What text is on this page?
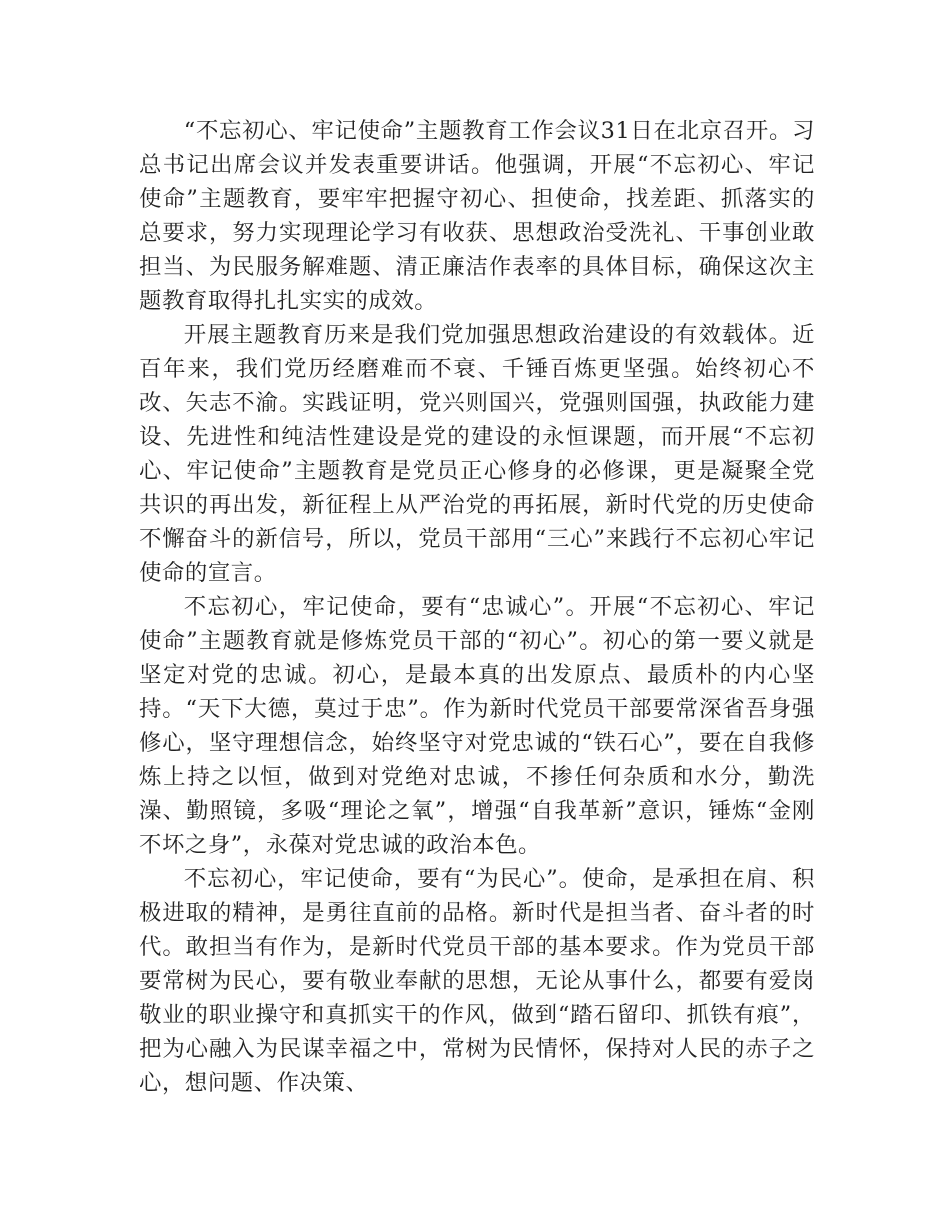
“不忘初心、牢记使命”主题教育工作会议31日在北京召开。习总书记出席会议并发表重要讲话。他强调，开展“不忘初心、牢记使命”主题教育，要牢牢把握守初心、担使命，找差距、抓落实的总要求，努力实现理论学习有收获、思想政治受洗礼、干事创业敢担当、为民服务解难题、清正廉洁作表率的具体目标，确保这次主题教育取得扎扎实实的成效。

开展主题教育历来是我们党加强思想政治建设的有效载体。近百年来，我们党历经磨难而不衰、千锤百炼更坚强。始终初心不改、矢志不渝。实践证明，党兴则国兴，党强则国强，执政能力建设、先进性和纯洁性建设是党的建设的永恒课题，而开展“不忘初心、牢记使命”主题教育是党员正心修身的必修课，更是凝聚全党共识的再出发，新征程上从严治党的再拓展，新时代党的历史使命不懈奋斗的新信号，所以，党员干部用“三心”来践行不忘初心牢记使命的宣言。

不忘初心，牢记使命，要有“忠诚心”。开展“不忘初心、牢记使命”主题教育就是修炼党员干部的“初心”。初心的第一要义就是坚定对党的忠诚。初心，是最本真的出发原点、最质朴的内心坚持。“天下大德，莫过于忠”。作为新时代党员干部要常深省吾身强修心，坚守理想信念，始终坚守对党忠诚的“铁石心”，要在自我修炼上持之以恒，做到对党绝对忠诚，不掺任何杂质和水分，勤洗澡、勤照镜，多吸“理论之氧”，增强“自我革新”意识，锤炼“金刚不坏之身”，永葆对党忠诚的政治本色。

不忘初心，牢记使命，要有“为民心”。使命，是承担在肩、积极进取的精神，是勇往直前的品格。新时代是担当者、奋斗者的时代。敢担当有作为，是新时代党员干部的基本要求。作为党员干部要常树为民心，要有敬业奉献的思想，无论从事什么，都要有爱岗敬业的职业操守和真抓实干的作风，做到“踏石留印、抓铁有痕”，把为心融入为民谋幸福之中，常树为民情怀，保持对人民的赤子之心，想问题、作决策、
